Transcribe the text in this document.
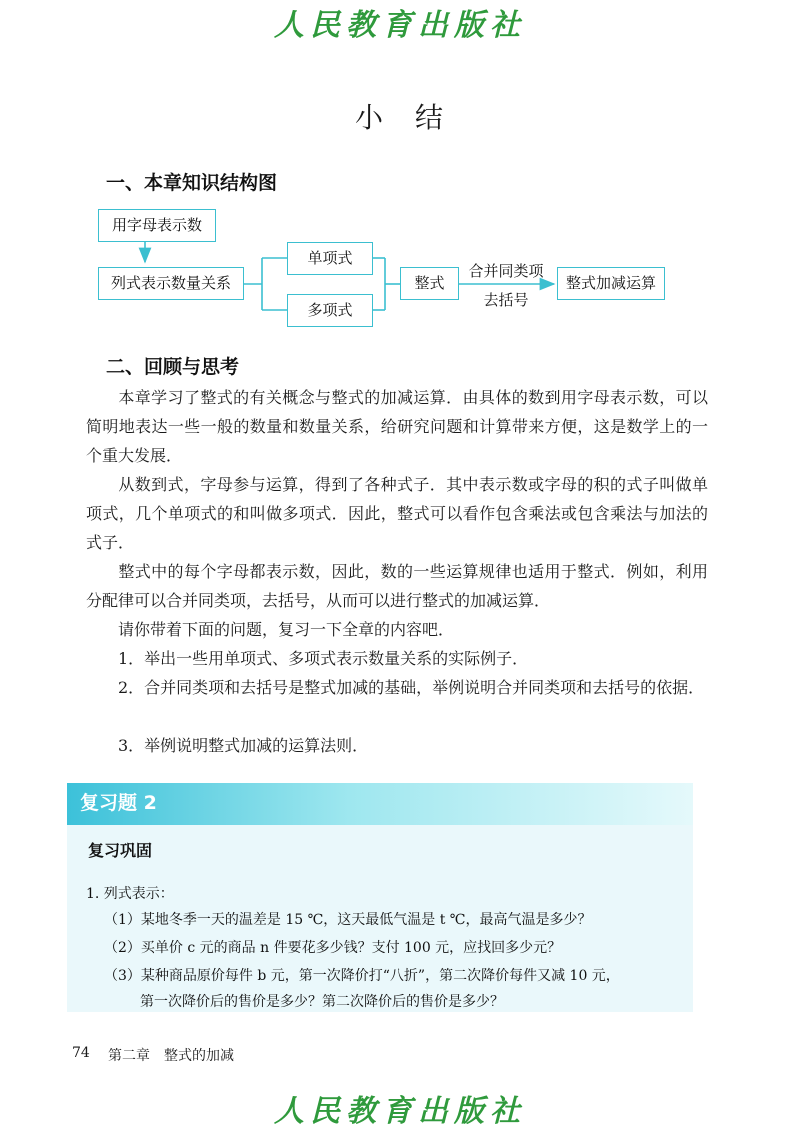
人民教育出版社
小　结
一、本章知识结构图
用字母表示数
列式表示数量关系
单项式
多项式
整式
合并同类项
去括号
整式加减运算
二、回顾与思考
本章学习了整式的有关概念与整式的加减运算．由具体的数到用字母表示数，可以简明地表达一些一般的数量和数量关系，给研究问题和计算带来方便，这是数学上的一个重大发展．
从数到式，字母参与运算，得到了各种式子．其中表示数或字母的积的式子叫做单项式，几个单项式的和叫做多项式．因此，整式可以看作包含乘法或包含乘法与加法的式子．
整式中的每个字母都表示数，因此，数的一些运算规律也适用于整式．例如，利用分配律可以合并同类项，去括号，从而可以进行整式的加减运算．
请你带着下面的问题，复习一下全章的内容吧．
1．举出一些用单项式、多项式表示数量关系的实际例子．
2．合并同类项和去括号是整式加减的基础，举例说明合并同类项和去括号的依据．
3．举例说明整式加减的运算法则．
复习题 2
复习巩固
1. 列式表示：
（1）某地冬季一天的温差是 15 ℃，这天最低气温是 t ℃，最高气温是多少？
（2）买单价 c 元的商品 n 件要花多少钱？支付 100 元，应找回多少元？
（3）某种商品原价每件 b 元，第一次降价打“八折”，第二次降价每件又减 10 元，
第一次降价后的售价是多少？第二次降价后的售价是多少？
74 第二章　整式的加减
人民教育出版社
